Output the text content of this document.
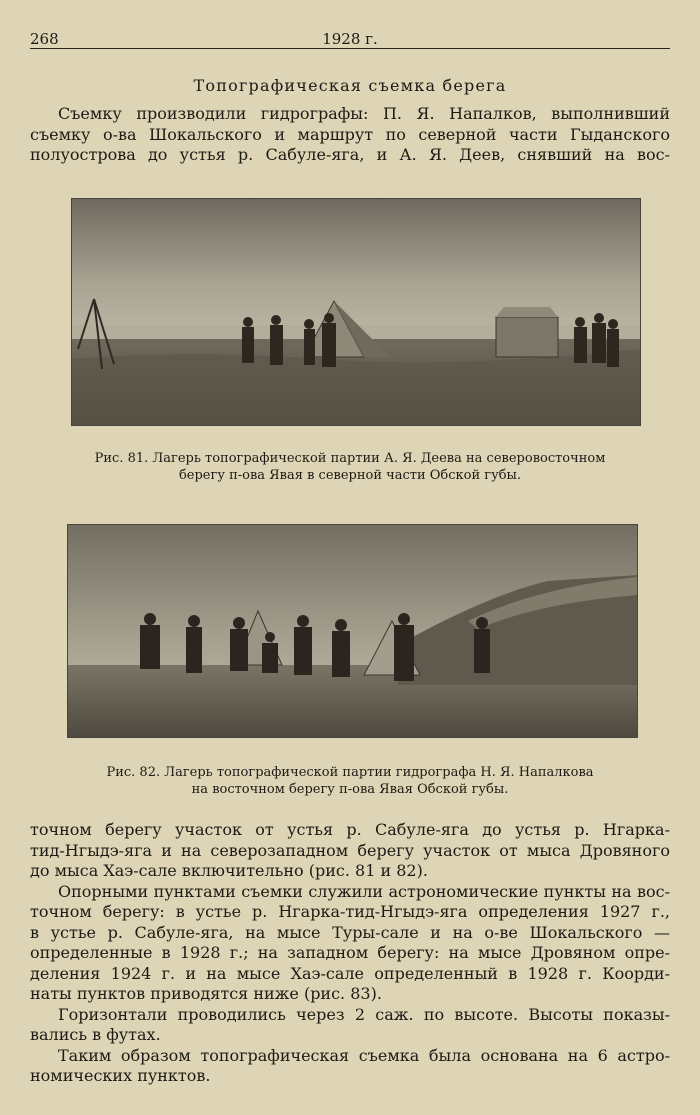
268	1928 г.
Топографическая съемка берега

Съемку производили гидрографы: П. Я. Напалков, выполнивший
съемку о-ва Шокальского и маршрут по северной части Гыданского
полуострова до устья р. Сабуле-яга, и А. Я. Деев, снявший на вос-

Рис. 81. Лагерь топографической партии А. Я. Деева на северовосточном
берегу п-ова Явая в северной части Обской губы.
Рис. 82. Лагерь топографической партии гидрографа Н. Я. Напалкова
на восточном берегу п-ова Явая Обской губы.

точном берегу участок от устья р. Сабуле-яга до устья р. Нгарка-
тид-Нгыдэ-яга и на северозападном берегу участок от мыса Дровяного
до мыса Хаэ-сале включительно (рис. 81 и 82).
Опорными пунктами съемки служили астрономические пункты на вос-
точном берегу: в устье р. Нгарка-тид-Нгыдэ-яга определения 1927 г.,
в устье р. Сабуле-яга, на мысе Туры-сале и на о-ве Шокальского —
определенные в 1928 г.; на западном берегу: на мысе Дровяном опре-
деления 1924 г. и на мысе Хаэ-сале определенный в 1928 г. Коорди-
наты пунктов приводятся ниже (рис. 83).
Горизонтали проводились через 2 саж. по высоте. Высоты показы-
вались в футах.
Таким образом топографическая съемка была основана на 6 астро-
номических пунктов.
